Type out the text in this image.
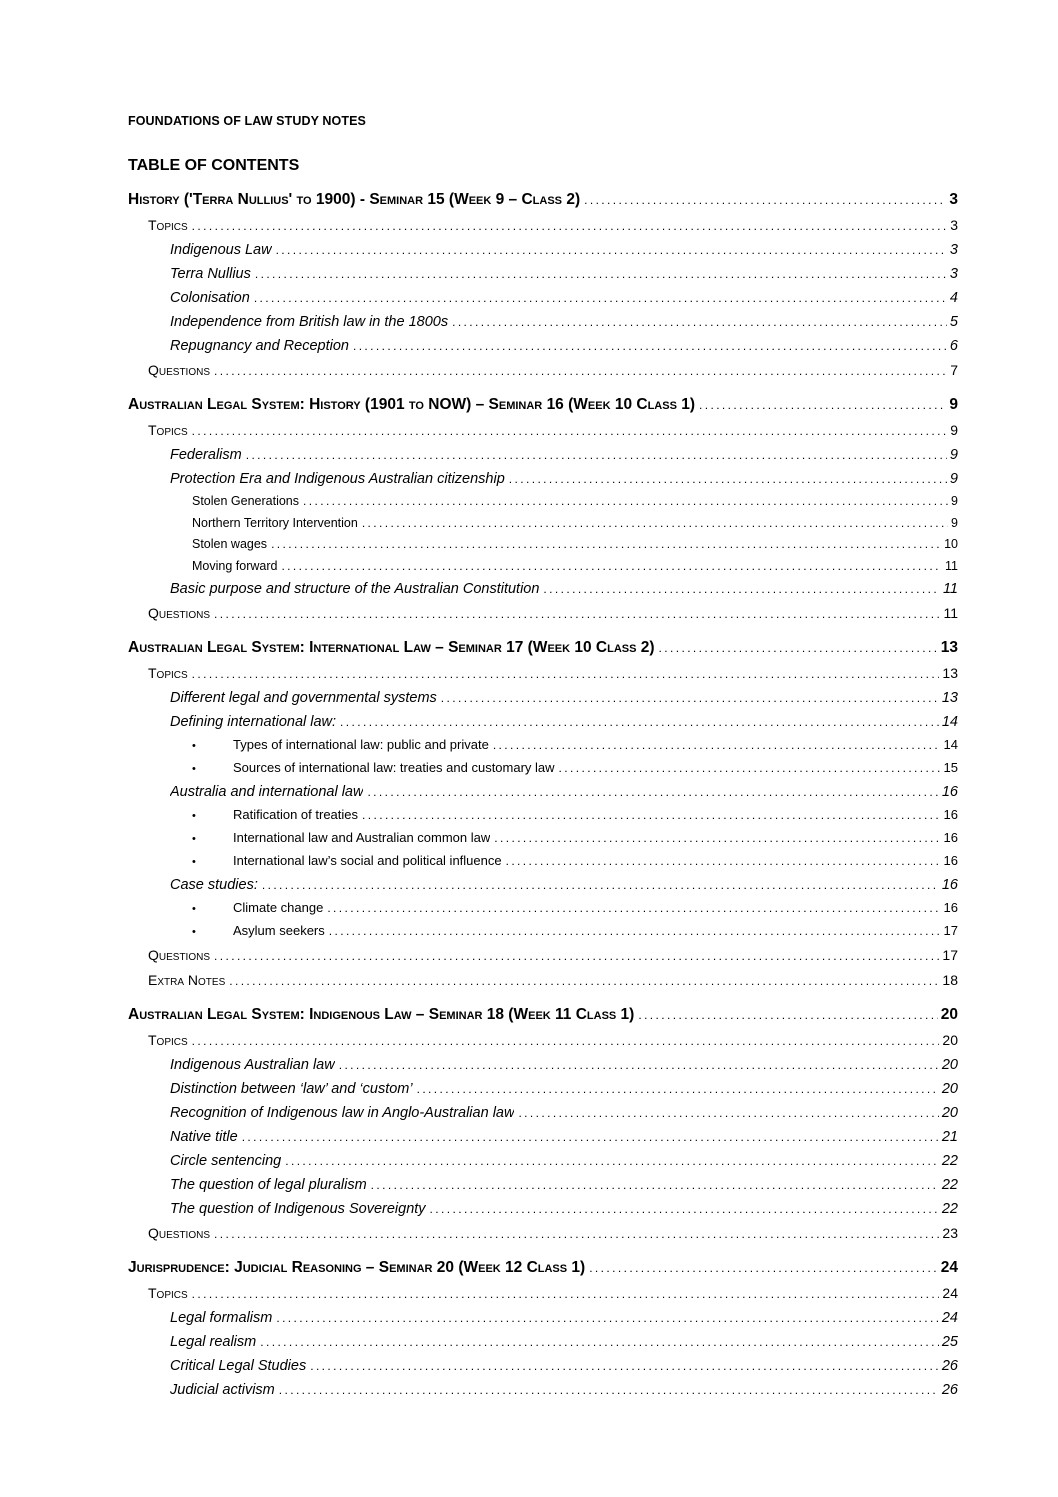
FOUNDATIONS OF LAW STUDY NOTES
TABLE OF CONTENTS
History ('Terra Nullius' to 1900) - Seminar 15 (Week 9 – Class 2) .....	3
Topics .....	3
Indigenous Law .....	3
Terra Nullius .....	3
Colonisation .....	4
Independence from British law in the 1800s .....	5
Repugnancy and Reception .....	6
Questions .....	7
Australian Legal System: History (1901 to NOW) – Seminar 16 (Week 10 Class 1) .....	9
Topics .....	9
Federalism .....	9
Protection Era and Indigenous Australian citizenship .....	9
Stolen Generations .....	9
Northern Territory Intervention .....	9
Stolen wages .....	10
Moving forward .....	11
Basic purpose and structure of the Australian Constitution .....	11
Questions .....	11
Australian Legal System: International Law – Seminar 17 (Week 10 Class 2) .....	13
Topics .....	13
Different legal and governmental systems .....	13
Defining international law: .....	14
•	Types of international law: public and private .....	14
•	Sources of international law: treaties and customary law .....	15
Australia and international law .....	16
•	Ratification of treaties .....	16
•	International law and Australian common law .....	16
•	International law’s social and political influence .....	16
Case studies: .....	16
•	Climate change .....	16
•	Asylum seekers .....	17
Questions .....	17
Extra Notes .....	18
Australian Legal System: Indigenous Law – Seminar 18 (Week 11 Class 1) .....	20
Topics .....	20
Indigenous Australian law .....	20
Distinction between ‘law’ and ‘custom’ .....	20
Recognition of Indigenous law in Anglo-Australian law .....	20
Native title .....	21
Circle sentencing .....	22
The question of legal pluralism .....	22
The question of Indigenous Sovereignty .....	22
Questions .....	23
Jurisprudence: Judicial Reasoning – Seminar 20 (Week 12 Class 1) .....	24
Topics .....	24
Legal formalism .....	24
Legal realism .....	25
Critical Legal Studies .....	26
Judicial activism .....	26
